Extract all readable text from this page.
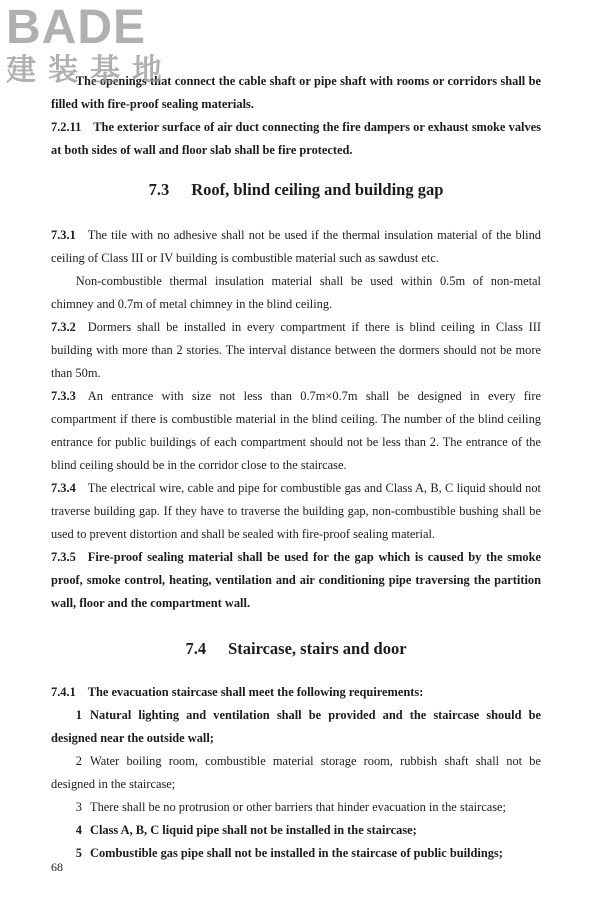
BADE
建装基地

The openings that connect the cable shaft or pipe shaft with rooms or corridors shall be filled with fire-proof sealing materials.

7.2.11 The exterior surface of air duct connecting the fire dampers or exhaust smoke valves at both sides of wall and floor slab shall be fire protected.

7.3 Roof, blind ceiling and building gap

7.3.1 The tile with no adhesive shall not be used if the thermal insulation material of the blind ceiling of Class III or IV building is combustible material such as sawdust etc.

Non-combustible thermal insulation material shall be used within 0.5m of non-metal chimney and 0.7m of metal chimney in the blind ceiling.

7.3.2 Dormers shall be installed in every compartment if there is blind ceiling in Class III building with more than 2 stories. The interval distance between the dormers should not be more than 50m.

7.3.3 An entrance with size not less than 0.7m×0.7m shall be designed in every fire compartment if there is combustible material in the blind ceiling. The number of the blind ceiling entrance for public buildings of each compartment should not be less than 2. The entrance of the blind ceiling should be in the corridor close to the staircase.

7.3.4 The electrical wire, cable and pipe for combustible gas and Class A, B, C liquid should not traverse building gap. If they have to traverse the building gap, non-combustible bushing shall be used to prevent distortion and shall be sealed with fire-proof sealing material.

7.3.5 Fire-proof sealing material shall be used for the gap which is caused by the smoke proof, smoke control, heating, ventilation and air conditioning pipe traversing the partition wall, floor and the compartment wall.

7.4 Staircase, stairs and door

7.4.1 The evacuation staircase shall meet the following requirements:

1 Natural lighting and ventilation shall be provided and the staircase should be designed near the outside wall;

2 Water boiling room, combustible material storage room, rubbish shaft shall not be designed in the staircase;

3 There shall be no protrusion or other barriers that hinder evacuation in the staircase;

4 Class A, B, C liquid pipe shall not be installed in the staircase;

5 Combustible gas pipe shall not be installed in the staircase of public buildings;

68
